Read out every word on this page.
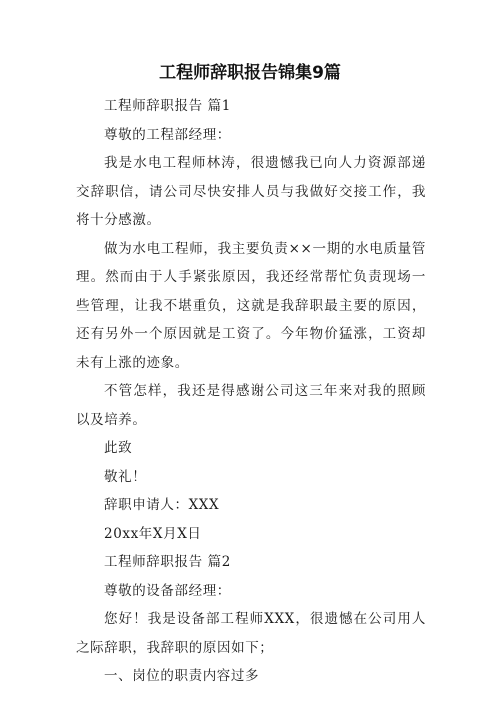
工程师辞职报告锦集9篇

工程师辞职报告 篇1

尊敬的工程部经理：

我是水电工程师林涛，很遗憾我已向人力资源部递交辞职信，请公司尽快安排人员与我做好交接工作，我将十分感激。

做为水电工程师，我主要负责××一期的水电质量管理。然而由于人手紧张原因，我还经常帮忙负责现场一些管理，让我不堪重负，这就是我辞职最主要的原因，还有另外一个原因就是工资了。今年物价猛涨，工资却未有上涨的迹象。

不管怎样，我还是得感谢公司这三年来对我的照顾以及培养。

此致

敬礼！

辞职申请人：XXX

20xx年X月X日

工程师辞职报告 篇2

尊敬的设备部经理：

您好！我是设备部工程师XXX，很遗憾在公司用人之际辞职，我辞职的原因如下；

一、岗位的职责内容过多
